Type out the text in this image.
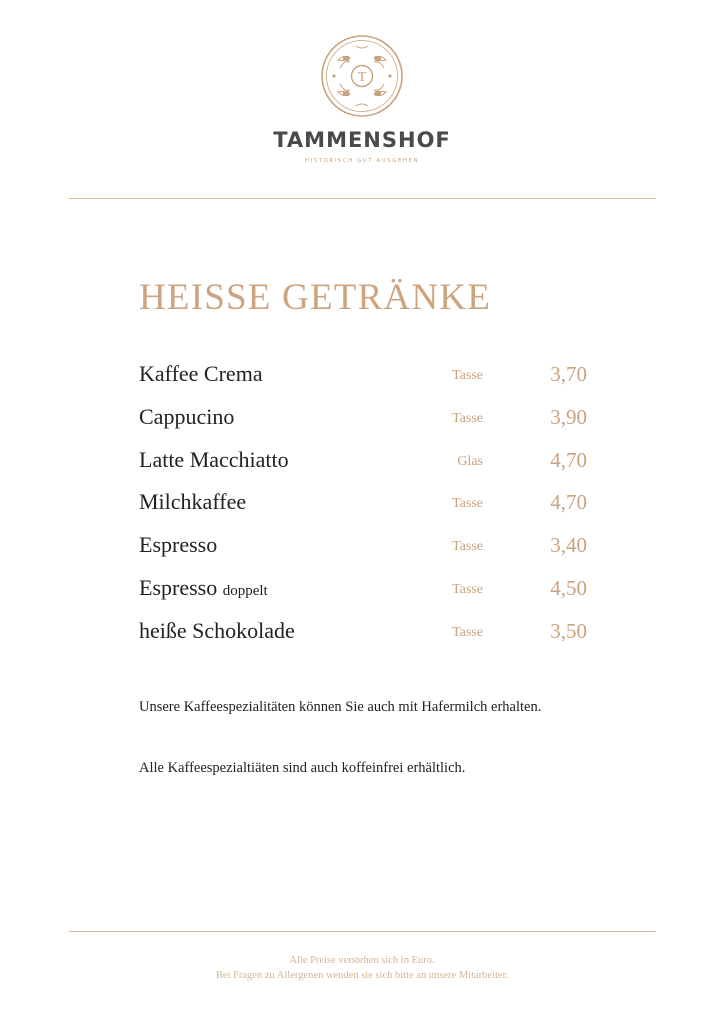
T
TAMMENSHOF
HISTORISCH GUT AUSGEHEN
HEISSE GETRÄNKE
Kaffee Crema	Tasse	3,70
Cappucino	Tasse	3,90
Latte Macchiatto	Glas	4,70
Milchkaffee	Tasse	4,70
Espresso	Tasse	3,40
Espresso doppelt	Tasse	4,50
heiße Schokolade	Tasse	3,50
Unsere Kaffeespezialitäten können Sie auch mit Hafermilch erhalten.
Alle Kaffeespezialtiäten sind auch koffeinfrei erhältlich.
Alle Preise verstehen sich in Euro.
Bei Fragen zu Allergenen wenden sie sich bitte an unsere Mitarbeiter.
